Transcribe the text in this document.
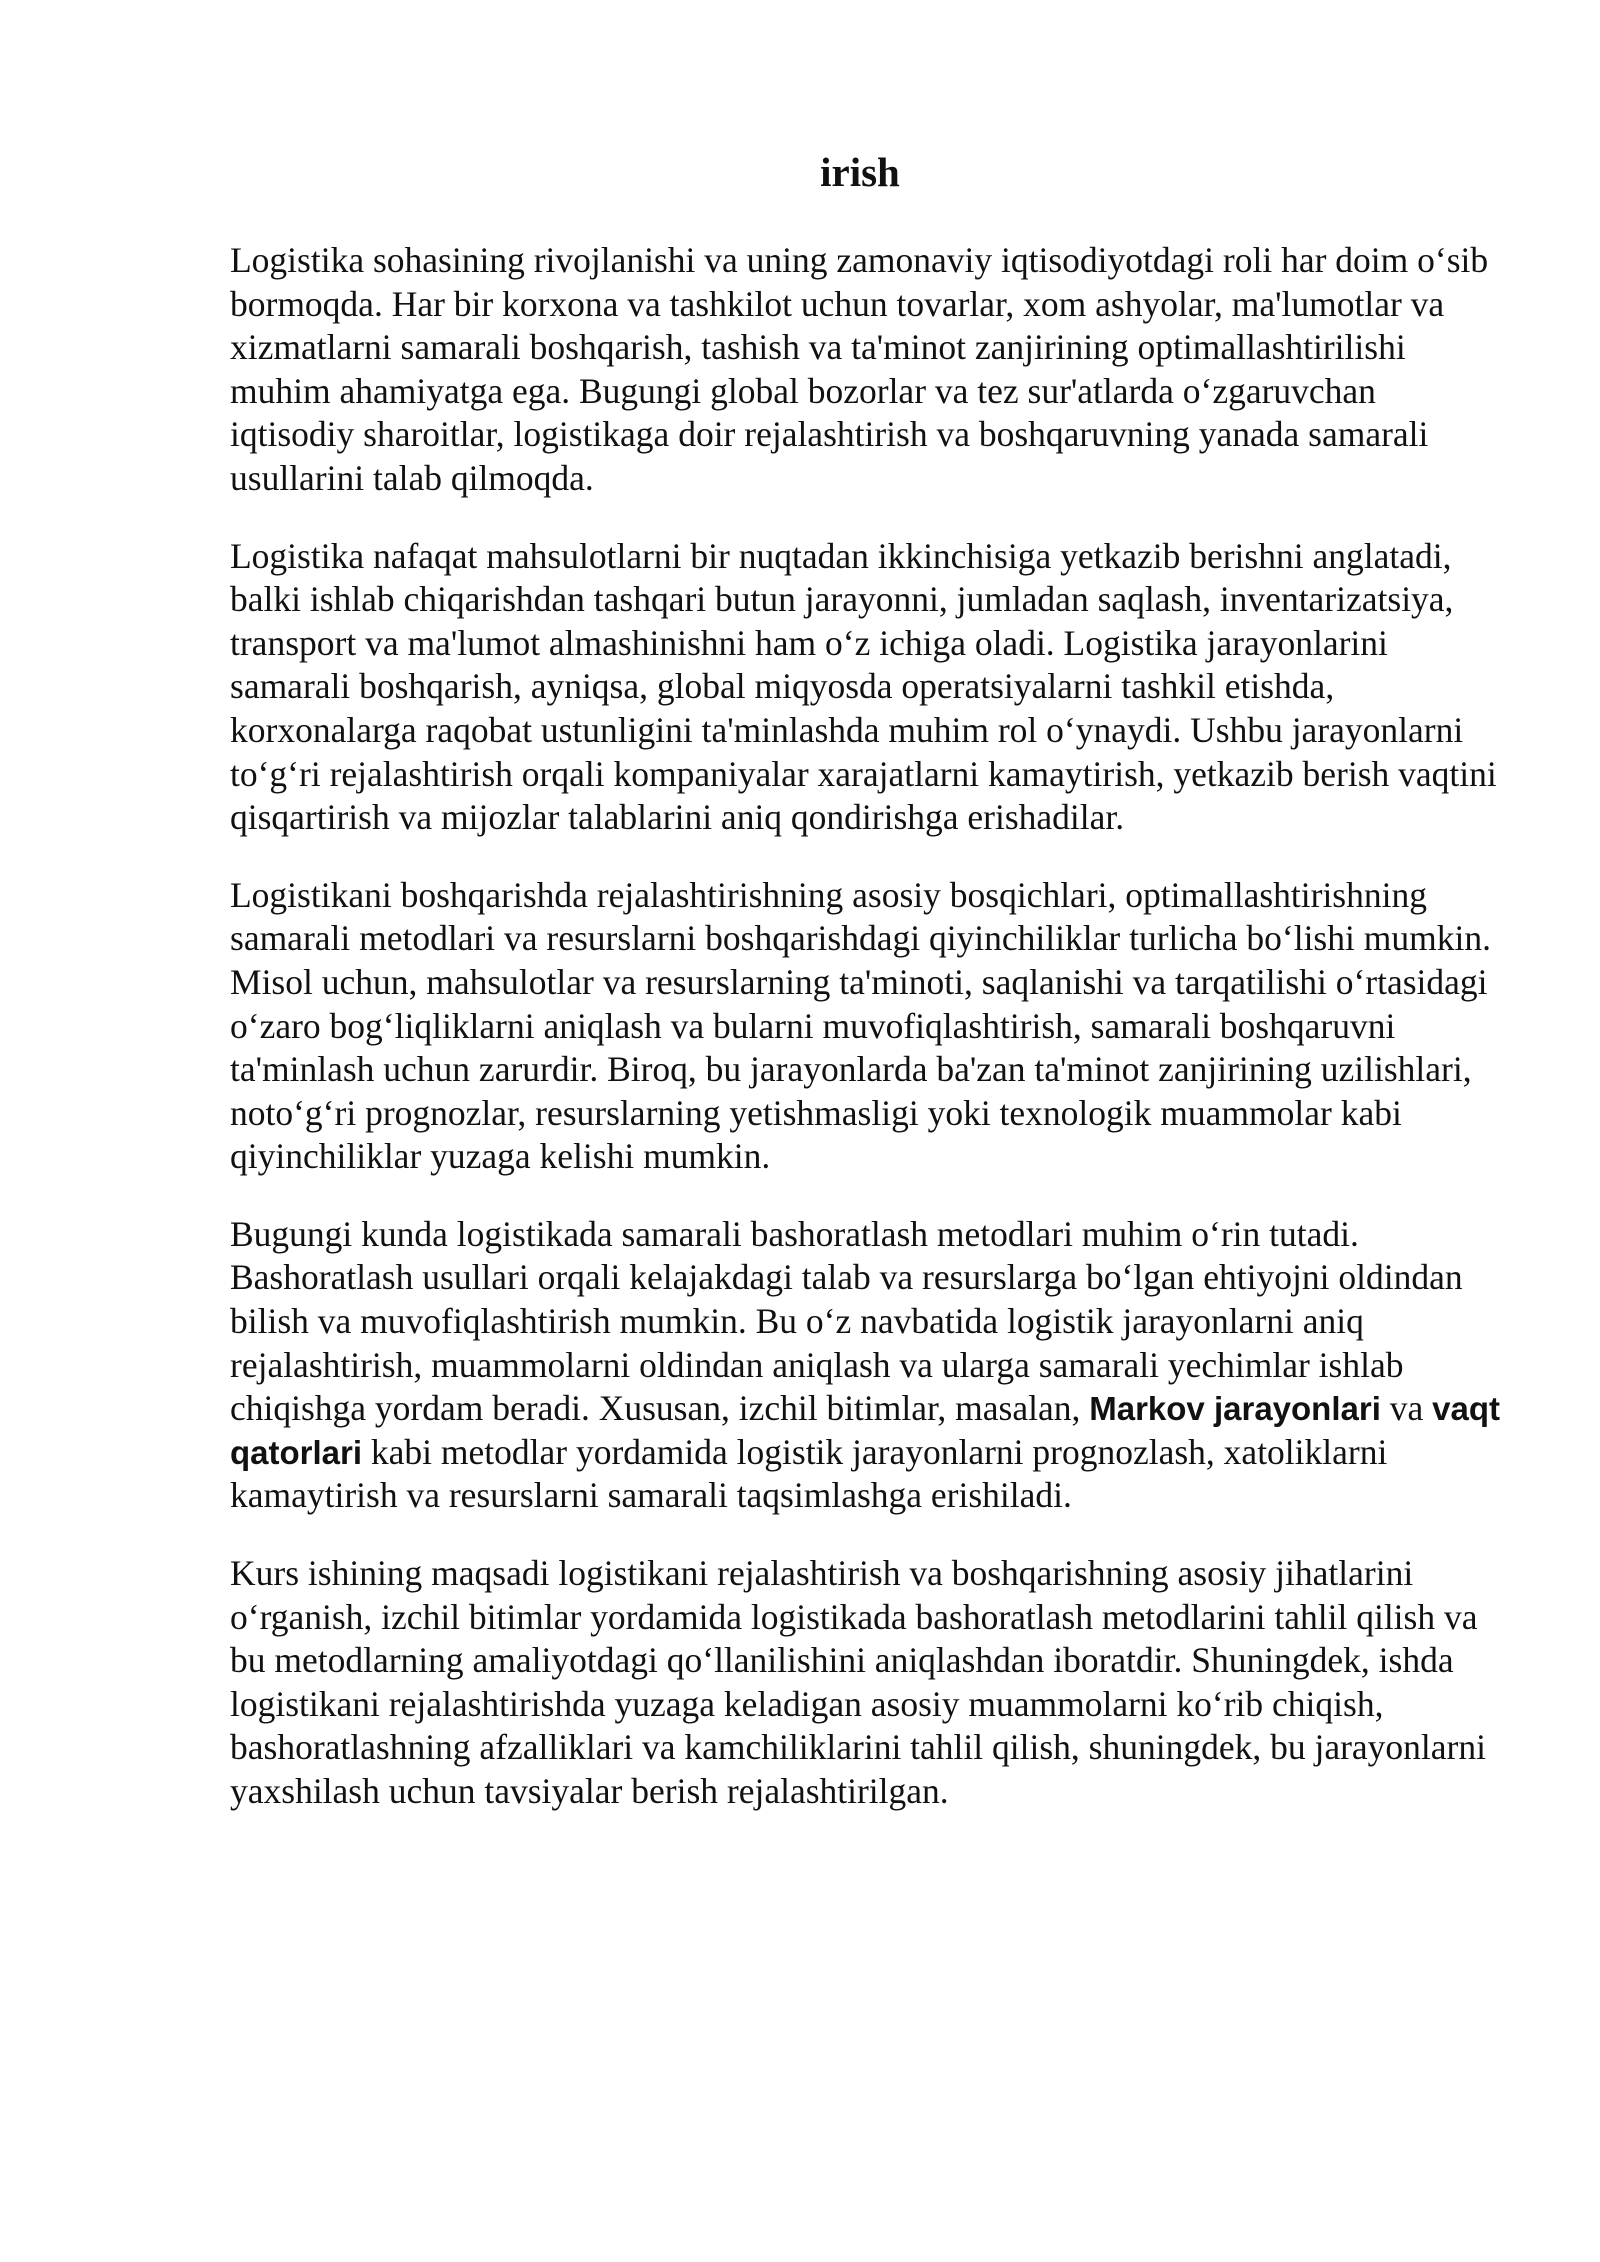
irish

Logistika sohasining rivojlanishi va uning zamonaviy iqtisodiyotdagi roli har doim o‘sib bormoqda. Har bir korxona va tashkilot uchun tovarlar, xom ashyolar, ma'lumotlar va xizmatlarni samarali boshqarish, tashish va ta'minot zanjirining optimallashtirilishi muhim ahamiyatga ega. Bugungi global bozorlar va tez sur'atlarda o‘zgaruvchan iqtisodiy sharoitlar, logistikaga doir rejalashtirish va boshqaruvning yanada samarali usullarini talab qilmoqda.

Logistika nafaqat mahsulotlarni bir nuqtadan ikkinchisiga yetkazib berishni anglatadi, balki ishlab chiqarishdan tashqari butun jarayonni, jumladan saqlash, inventarizatsiya, transport va ma'lumot almashinishni ham o‘z ichiga oladi. Logistika jarayonlarini samarali boshqarish, ayniqsa, global miqyosda operatsiyalarni tashkil etishda, korxonalarga raqobat ustunligini ta'minlashda muhim rol o‘ynaydi. Ushbu jarayonlarni to‘g‘ri rejalashtirish orqali kompaniyalar xarajatlarni kamaytirish, yetkazib berish vaqtini qisqartirish va mijozlar talablarini aniq qondirishga erishadilar.

Logistikani boshqarishda rejalashtirishning asosiy bosqichlari, optimallashtirishning samarali metodlari va resurslarni boshqarishdagi qiyinchiliklar turlicha bo‘lishi mumkin. Misol uchun, mahsulotlar va resurslarning ta'minoti, saqlanishi va tarqatilishi o‘rtasidagi o‘zaro bog‘liqliklarni aniqlash va bularni muvofiqlashtirish, samarali boshqaruvni ta'minlash uchun zarurdir. Biroq, bu jarayonlarda ba'zan ta'minot zanjirining uzilishlari, noto‘g‘ri prognozlar, resurslarning yetishmasligi yoki texnologik muammolar kabi qiyinchiliklar yuzaga kelishi mumkin.

Bugungi kunda logistikada samarali bashoratlash metodlari muhim o‘rin tutadi. Bashoratlash usullari orqali kelajakdagi talab va resurslarga bo‘lgan ehtiyojni oldindan bilish va muvofiqlashtirish mumkin. Bu o‘z navbatida logistik jarayonlarni aniq rejalashtirish, muammolarni oldindan aniqlash va ularga samarali yechimlar ishlab chiqishga yordam beradi. Xususan, izchil bitimlar, masalan, Markov jarayonlari va vaqt qatorlari kabi metodlar yordamida logistik jarayonlarni prognozlash, xatoliklarni kamaytirish va resurslarni samarali taqsimlashga erishiladi.

Kurs ishining maqsadi logistikani rejalashtirish va boshqarishning asosiy jihatlarini o‘rganish, izchil bitimlar yordamida logistikada bashoratlash metodlarini tahlil qilish va bu metodlarning amaliyotdagi qo‘llanilishini aniqlashdan iboratdir. Shuningdek, ishda logistikani rejalashtirishda yuzaga keladigan asosiy muammolarni ko‘rib chiqish, bashoratlashning afzalliklari va kamchiliklarini tahlil qilish, shuningdek, bu jarayonlarni yaxshilash uchun tavsiyalar berish rejalashtirilgan.
